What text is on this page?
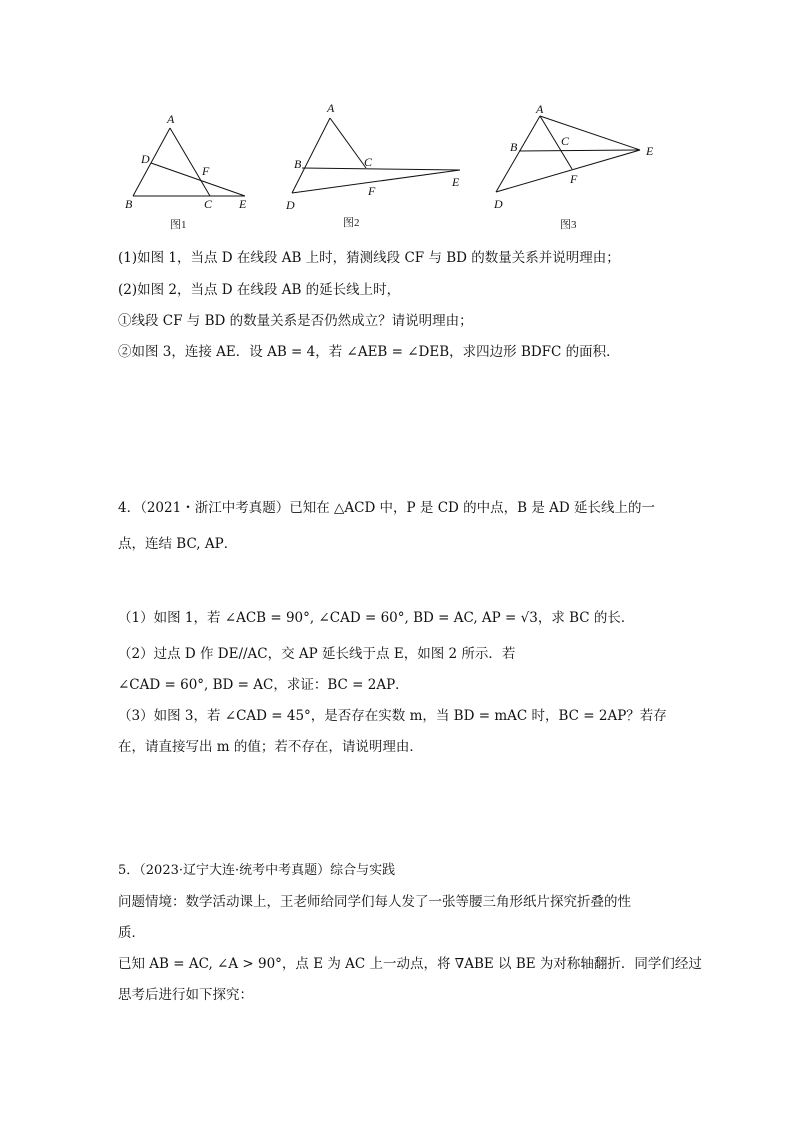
A
D
F
B	C E
图1
A
B	C
F
E
D
图2
A
B	C
E
F
D
图3
(1)如图 1，当点 D 在线段 AB 上时，猜测线段 CF 与 BD 的数量关系并说明理由；
(2)如图 2，当点 D 在线段 AB 的延长线上时，
①线段 CF 与 BD 的数量关系是否仍然成立？请说明理由；
②如图 3，连接 AE．设 AB = 4，若 ∠AEB = ∠DEB，求四边形 BDFC 的面积．
4．（2021・浙江中考真题）已知在 △ACD 中，P 是 CD 的中点，B 是 AD 延长线上的一
点，连结 BC, AP．
（1）如图 1，若 ∠ACB = 90°, ∠CAD = 60°, BD = AC, AP = √3，求 BC 的长．
（2）过点 D 作 DE//AC，交 AP 延长线于点 E，如图 2 所示．若
∠CAD = 60°, BD = AC，求证：BC = 2AP．
（3）如图 3，若 ∠CAD = 45°，是否存在实数 m，当 BD = mAC 时，BC = 2AP？若存
在，请直接写出 m 的值；若不存在，请说明理由．
5．（2023·辽宁大连·统考中考真题）综合与实践
问题情境：数学活动课上，王老师给同学们每人发了一张等腰三角形纸片探究折叠的性
质．
已知 AB = AC, ∠A > 90°，点 E 为 AC 上一动点，将 ∇ABE 以 BE 为对称轴翻折．同学们经过
思考后进行如下探究：
